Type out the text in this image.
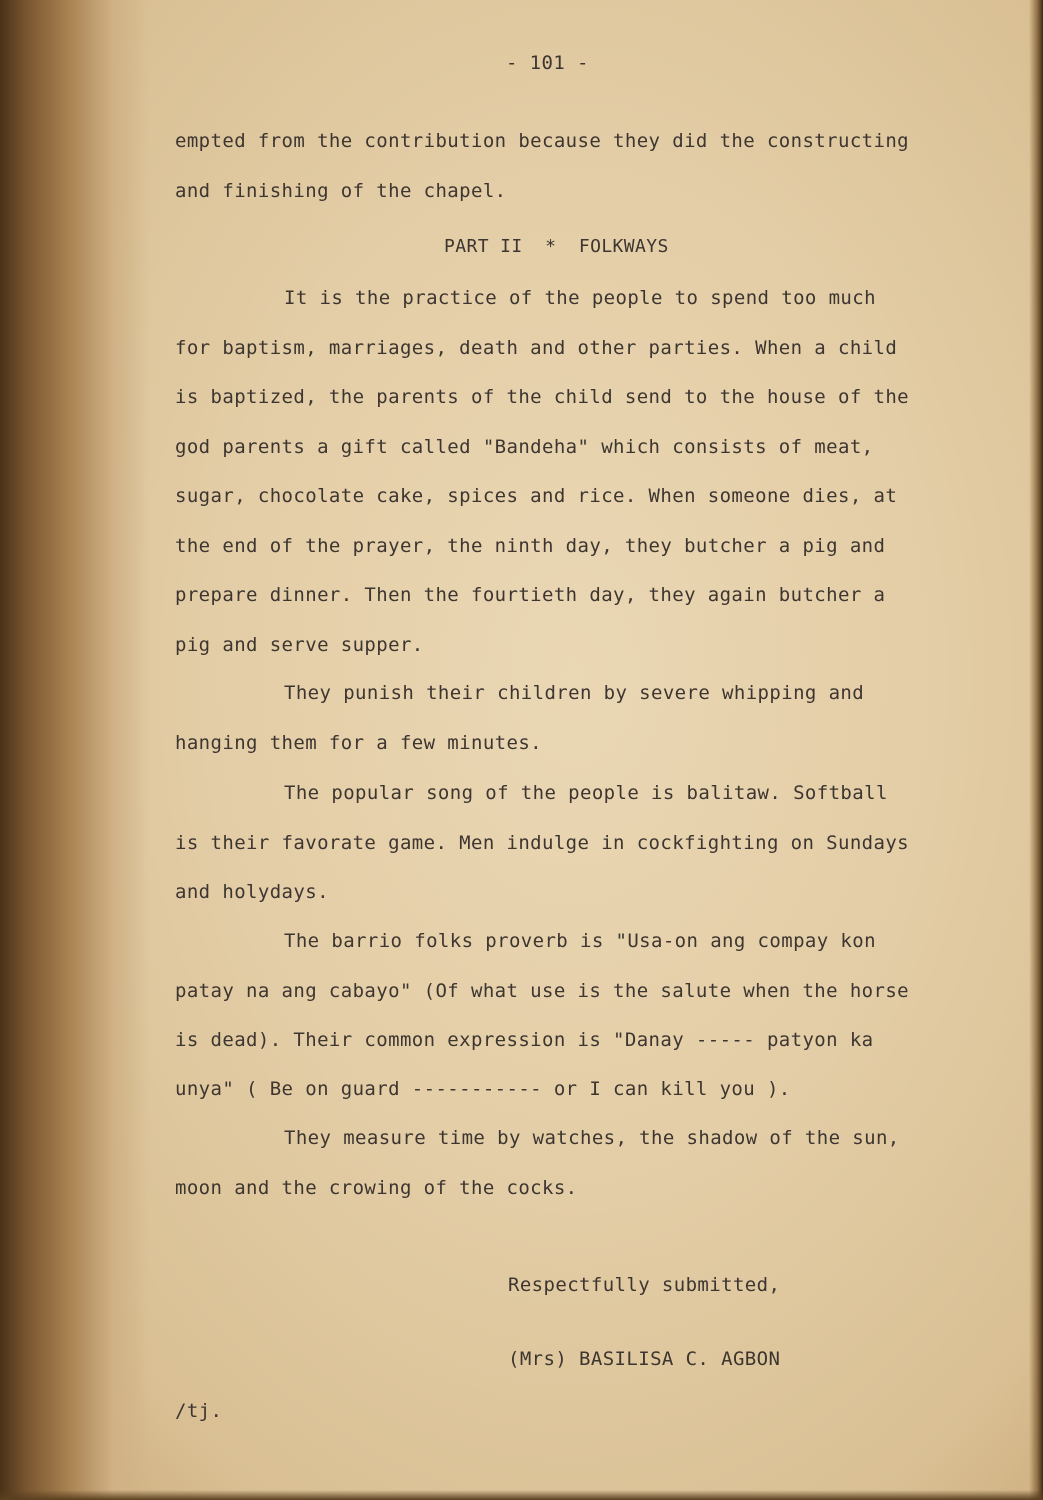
- 101 -
empted from the contribution because they did the constructing
and finishing of the chapel.
PART II  *  FOLKWAYS
It is the practice of the people to spend too much
for baptism, marriages, death and other parties. When a child
is baptized, the parents of the child send to the house of the
god parents a gift called "Bandeha" which consists of meat,
sugar, chocolate cake, spices and rice. When someone dies, at
the end of the prayer, the ninth day, they butcher a pig and
prepare dinner. Then the fourtieth day, they again butcher a
pig and serve supper.
They punish their children by severe whipping and
hanging them for a few minutes.
The popular song of the people is balitaw. Softball
is their favorate game. Men indulge in cockfighting on Sundays
and holydays.
The barrio folks proverb is "Usa-on ang compay kon
patay na ang cabayo" (Of what use is the salute when the horse
is dead). Their common expression is "Danay ----- patyon ka
unya" ( Be on guard ----------- or I can kill you ).
They measure time by watches, the shadow of the sun,
moon and the crowing of the cocks.
Respectfully submitted,
(Mrs) BASILISA C. AGBON
/tj.
